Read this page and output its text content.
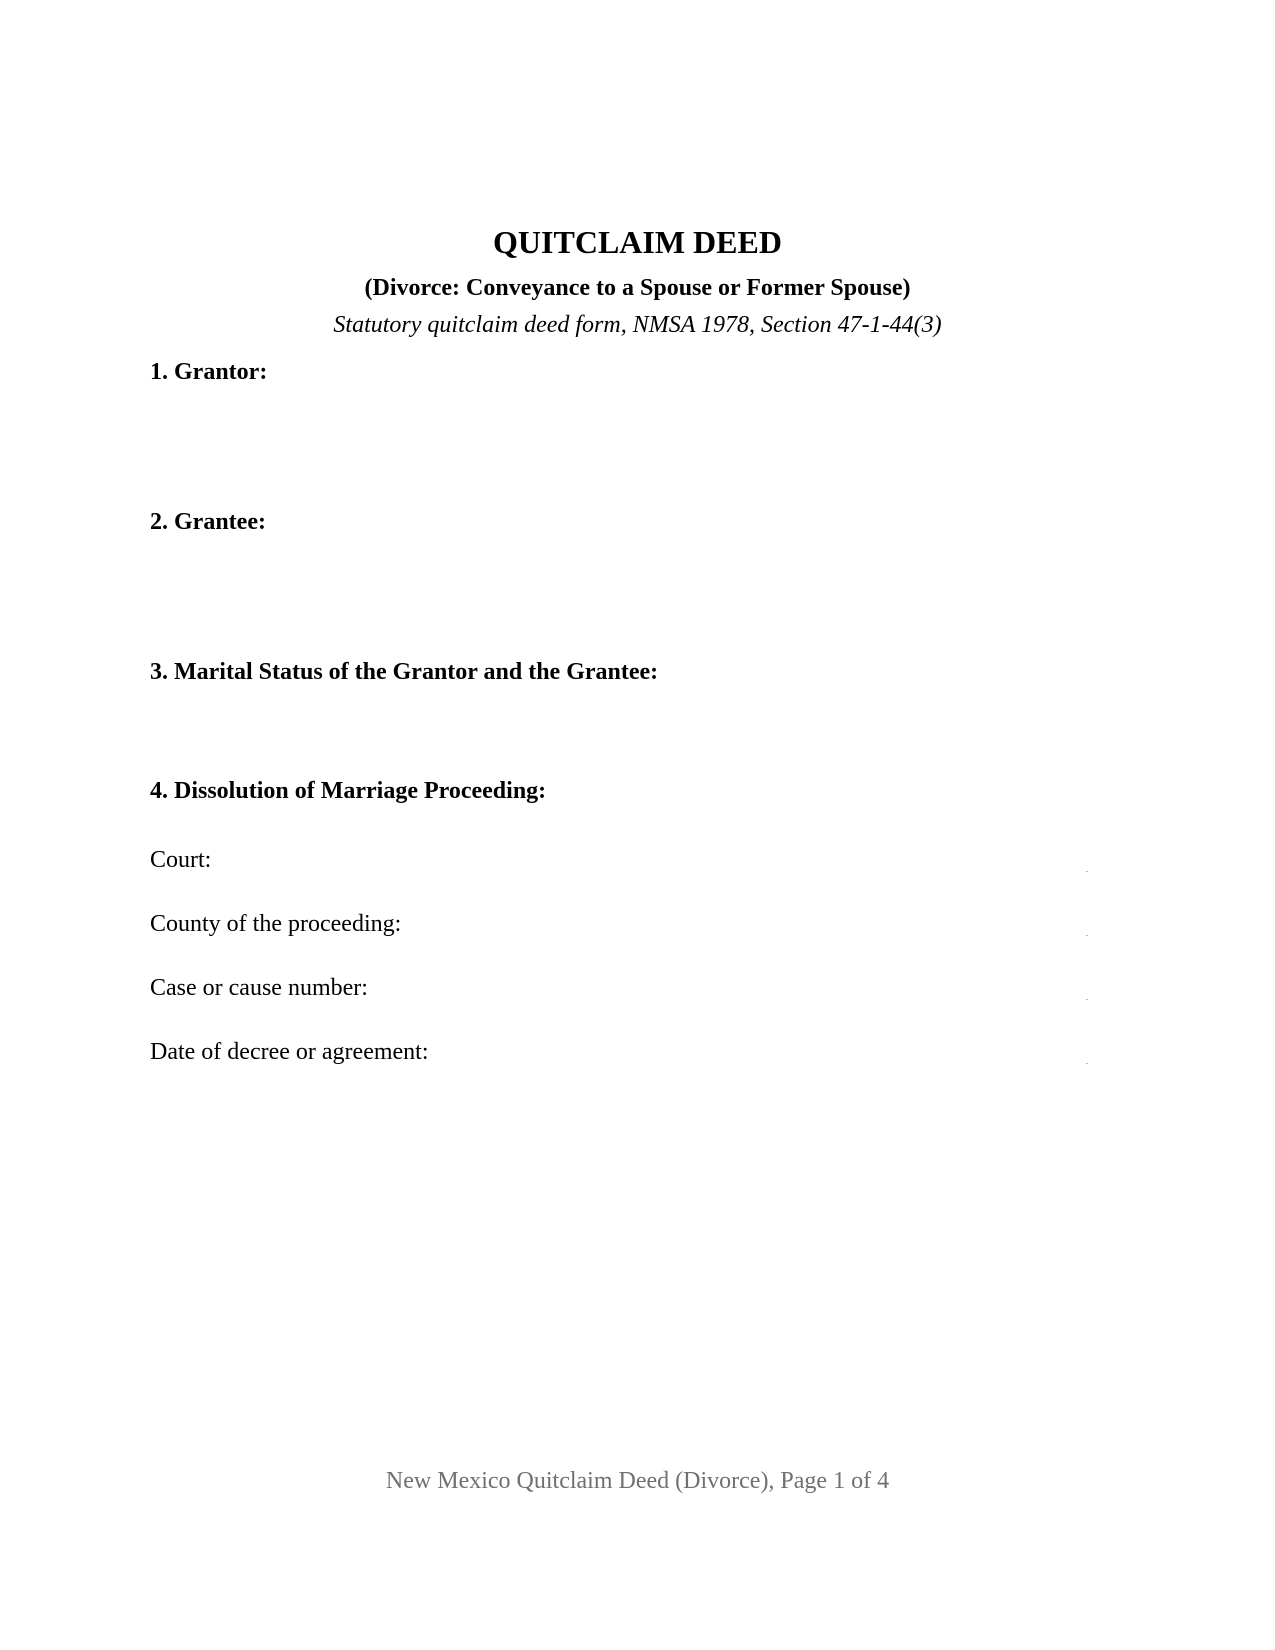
QUITCLAIM DEED
(Divorce: Conveyance to a Spouse or Former Spouse)
Statutory quitclaim deed form, NMSA 1978, Section 47-1-44(3)
1. Grantor:
2. Grantee:
3. Marital Status of the Grantor and the Grantee:
4. Dissolution of Marriage Proceeding:
Court:
County of the proceeding:
Case or cause number:
Date of decree or agreement:
New Mexico Quitclaim Deed (Divorce), Page 1 of 4
